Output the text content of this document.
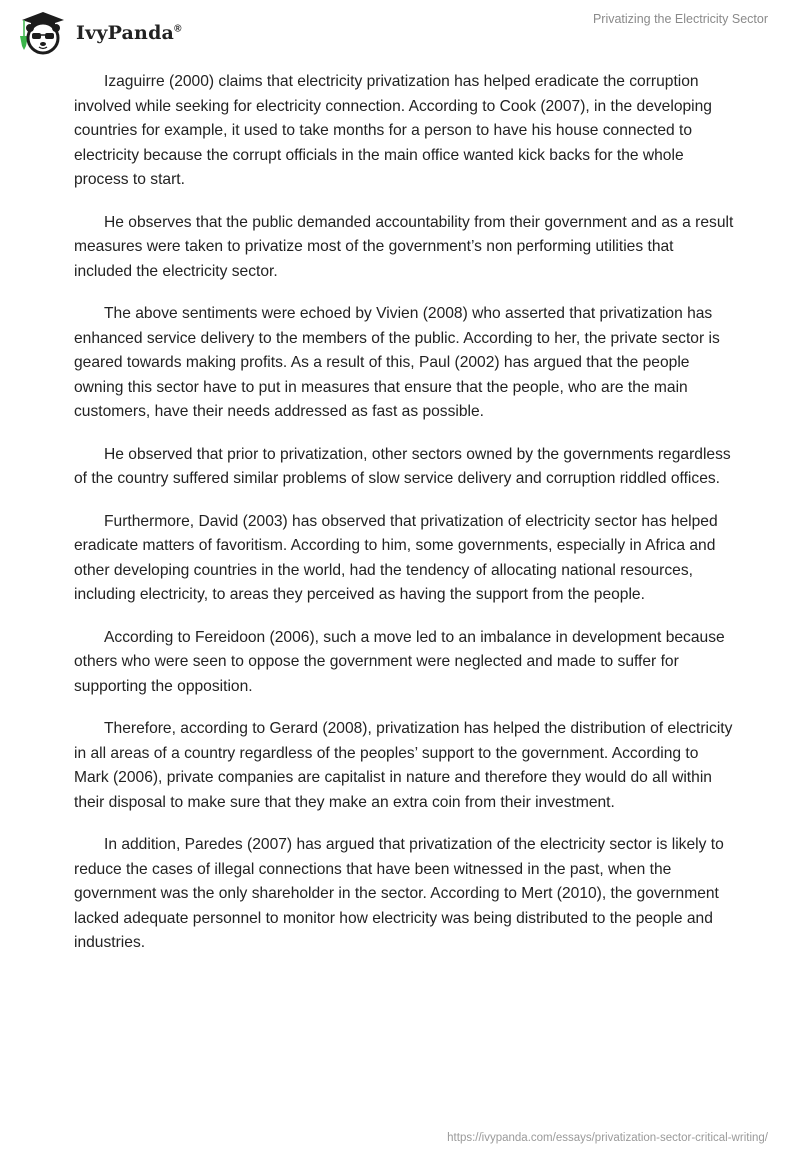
IvyPanda®
Privatizing the Electricity Sector

Izaguirre (2000) claims that electricity privatization has helped eradicate the corruption involved while seeking for electricity connection. According to Cook (2007), in the developing countries for example, it used to take months for a person to have his house connected to electricity because the corrupt officials in the main office wanted kick backs for the whole process to start.

He observes that the public demanded accountability from their government and as a result measures were taken to privatize most of the government’s non performing utilities that included the electricity sector.

The above sentiments were echoed by Vivien (2008) who asserted that privatization has enhanced service delivery to the members of the public. According to her, the private sector is geared towards making profits. As a result of this, Paul (2002) has argued that the people owning this sector have to put in measures that ensure that the people, who are the main customers, have their needs addressed as fast as possible.

He observed that prior to privatization, other sectors owned by the governments regardless of the country suffered similar problems of slow service delivery and corruption riddled offices.

Furthermore, David (2003) has observed that privatization of electricity sector has helped eradicate matters of favoritism. According to him, some governments, especially in Africa and other developing countries in the world, had the tendency of allocating national resources, including electricity, to areas they perceived as having the support from the people.

According to Fereidoon (2006), such a move led to an imbalance in development because others who were seen to oppose the government were neglected and made to suffer for supporting the opposition.

Therefore, according to Gerard (2008), privatization has helped the distribution of electricity in all areas of a country regardless of the peoples’ support to the government. According to Mark (2006), private companies are capitalist in nature and therefore they would do all within their disposal to make sure that they make an extra coin from their investment.

In addition, Paredes (2007) has argued that privatization of the electricity sector is likely to reduce the cases of illegal connections that have been witnessed in the past, when the government was the only shareholder in the sector. According to Mert (2010), the government lacked adequate personnel to monitor how electricity was being distributed to the people and industries.

https://ivypanda.com/essays/privatization-sector-critical-writing/
